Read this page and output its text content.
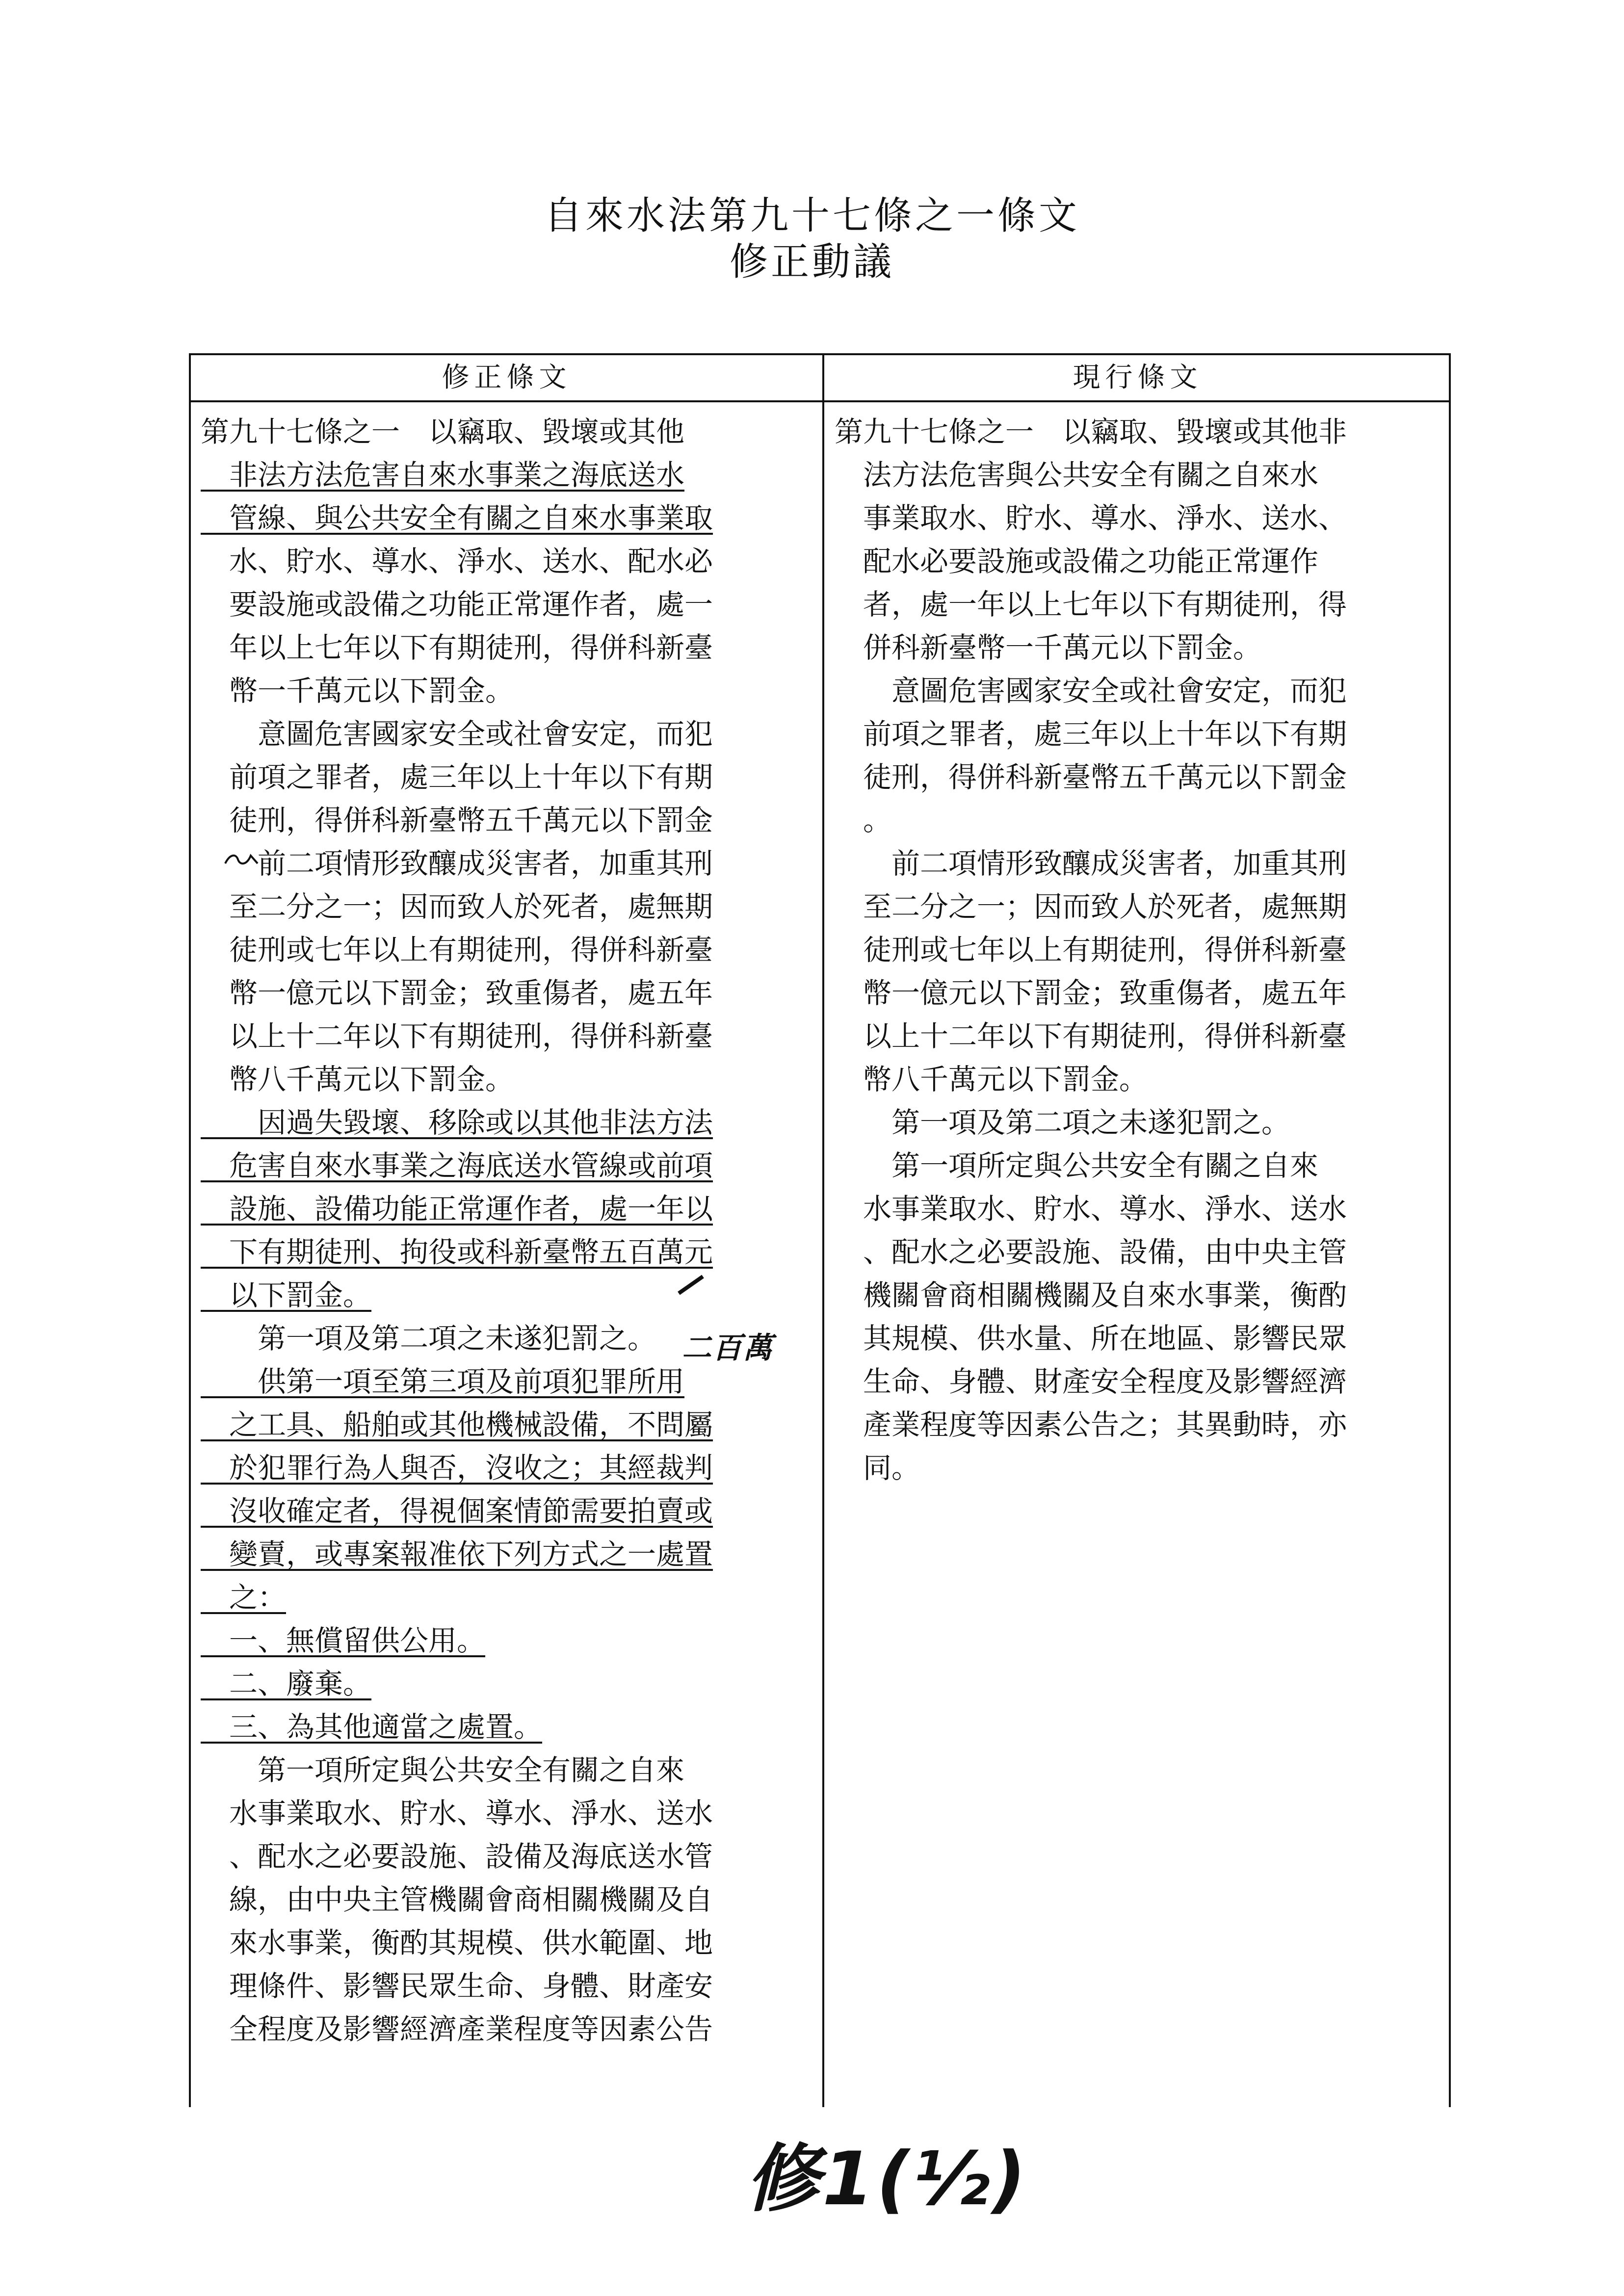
自來水法第九十七條之一條文
修正動議
修正條文	現行條文

第九十七條之一　以竊取、毀壞或其他

　非法方法危害自來水事業之海底送水

　管線、與公共安全有關之自來水事業取

　水、貯水、導水、淨水、送水、配水必

　要設施或設備之功能正常運作者，處一

　年以上七年以下有期徒刑，得併科新臺

　幣一千萬元以下罰金。

　　意圖危害國家安全或社會安定，而犯

　前項之罪者，處三年以上十年以下有期

　徒刑，得併科新臺幣五千萬元以下罰金

　　前二項情形致釀成災害者，加重其刑

　至二分之一；因而致人於死者，處無期

　徒刑或七年以上有期徒刑，得併科新臺

　幣一億元以下罰金；致重傷者，處五年

　以上十二年以下有期徒刑，得併科新臺

　幣八千萬元以下罰金。

　　因過失毀壞、移除或以其他非法方法

　危害自來水事業之海底送水管線或前項

　設施、設備功能正常運作者，處一年以

　下有期徒刑、拘役或科新臺幣五百萬元

　以下罰金。

　　第一項及第二項之未遂犯罰之。

　　供第一項至第三項及前項犯罪所用

　之工具、船舶或其他機械設備，不問屬

　於犯罪行為人與否，沒收之；其經裁判

　沒收確定者，得視個案情節需要拍賣或

　變賣，或專案報准依下列方式之一處置

　之：

　一、無償留供公用。

　二、廢棄。

　三、為其他適當之處置。

　　第一項所定與公共安全有關之自來

　水事業取水、貯水、導水、淨水、送水

　、配水之必要設施、設備及海底送水管

　線，由中央主管機關會商相關機關及自

　來水事業，衡酌其規模、供水範圍、地

　理條件、影響民眾生命、身體、財產安

　全程度及影響經濟產業程度等因素公告

第九十七條之一　以竊取、毀壞或其他非

　法方法危害與公共安全有關之自來水

　事業取水、貯水、導水、淨水、送水、

　配水必要設施或設備之功能正常運作

　者，處一年以上七年以下有期徒刑，得

　併科新臺幣一千萬元以下罰金。

　　意圖危害國家安全或社會安定，而犯

　前項之罪者，處三年以上十年以下有期

　徒刑，得併科新臺幣五千萬元以下罰金

　。

　　前二項情形致釀成災害者，加重其刑

　至二分之一；因而致人於死者，處無期

　徒刑或七年以上有期徒刑，得併科新臺

　幣一億元以下罰金；致重傷者，處五年

　以上十二年以下有期徒刑，得併科新臺

　幣八千萬元以下罰金。

　　第一項及第二項之未遂犯罰之。

　　第一項所定與公共安全有關之自來

　水事業取水、貯水、導水、淨水、送水

　、配水之必要設施、設備，由中央主管

　機關會商相關機關及自來水事業，衡酌

　其規模、供水量、所在地區、影響民眾

　生命、身體、財產安全程度及影響經濟

　產業程度等因素公告之；其異動時，亦

　同。

二百萬
修1(½)
